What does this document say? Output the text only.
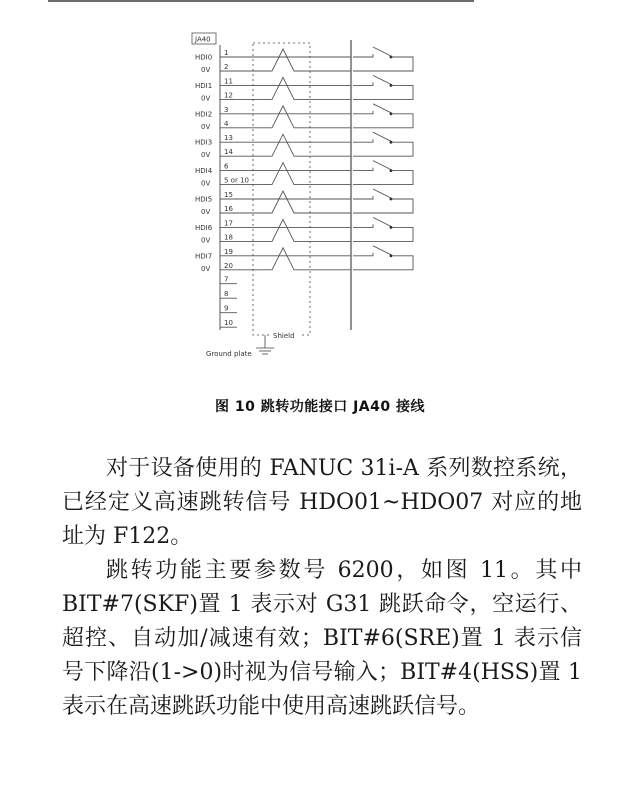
JA40
HDI0
0V
1
2
HDI1
0V
11
12
HDI2
0V
3
4
HDI3
0V
13
14
HDI4
0V
6
5 or 10
HDI5
0V
15
16
HDI6
0V
17
18
HDI7
0V
19
20
7
8
9
10
Shield
Ground plate
图 10 跳转功能接口 JA40 接线

对于设备使用的 FANUC 31i-A 系列数控系统，已经定义高速跳转信号 HDO01~HDO07 对应的地址为 F122。

跳转功能主要参数号 6200，如图 11。其中 BIT#7(SKF)置 1 表示对 G31 跳跃命令，空运行、超控、自动加/减速有效；BIT#6(SRE)置 1 表示信号下降沿(1->0)时视为信号输入；BIT#4(HSS)置 1 表示在高速跳跃功能中使用高速跳跃信号。
